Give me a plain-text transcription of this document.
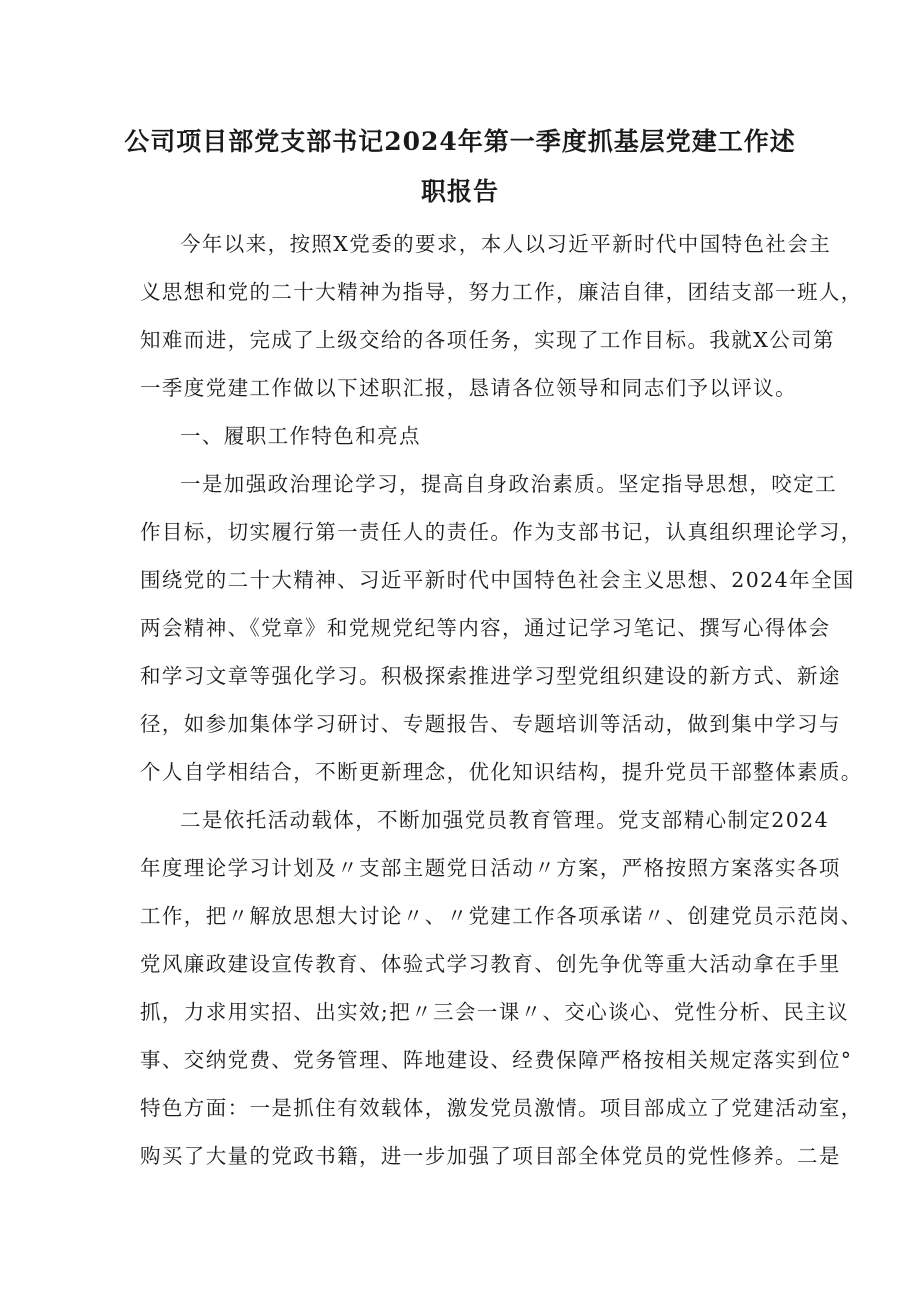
公司项目部党支部书记2024年第一季度抓基层党建工作述
职报告
今年以来，按照X党委的要求，本人以习近平新时代中国特色社会主
义思想和党的二十大精神为指导，努力工作，廉洁自律，团结支部一班人，
知难而进，完成了上级交给的各项任务，实现了工作目标。我就X公司第
一季度党建工作做以下述职汇报，恳请各位领导和同志们予以评议。
一、履职工作特色和亮点
一是加强政治理论学习，提高自身政治素质。坚定指导思想，咬定工
作目标，切实履行第一责任人的责任。作为支部书记，认真组织理论学习，
围绕党的二十大精神、习近平新时代中国特色社会主义思想、2024年全国
两会精神、《党章》和党规党纪等内容，通过记学习笔记、撰写心得体会
和学习文章等强化学习。积极探索推进学习型党组织建设的新方式、新途
径，如参加集体学习研讨、专题报告、专题培训等活动，做到集中学习与
个人自学相结合，不断更新理念，优化知识结构，提升党员干部整体素质。
二是依托活动载体，不断加强党员教育管理。党支部精心制定2024
年度理论学习计划及〃支部主题党日活动〃方案，严格按照方案落实各项
工作，把〃解放思想大讨论〃、〃党建工作各项承诺〃、创建党员示范岗、
党风廉政建设宣传教育、体验式学习教育、创先争优等重大活动拿在手里
抓，力求用实招、出实效;把〃三会一课〃、交心谈心、党性分析、民主议
事、交纳党费、党务管理、阵地建设、经费保障严格按相关规定落实到位°
特色方面：一是抓住有效载体，激发党员激情。项目部成立了党建活动室，
购买了大量的党政书籍，进一步加强了项目部全体党员的党性修养。二是
